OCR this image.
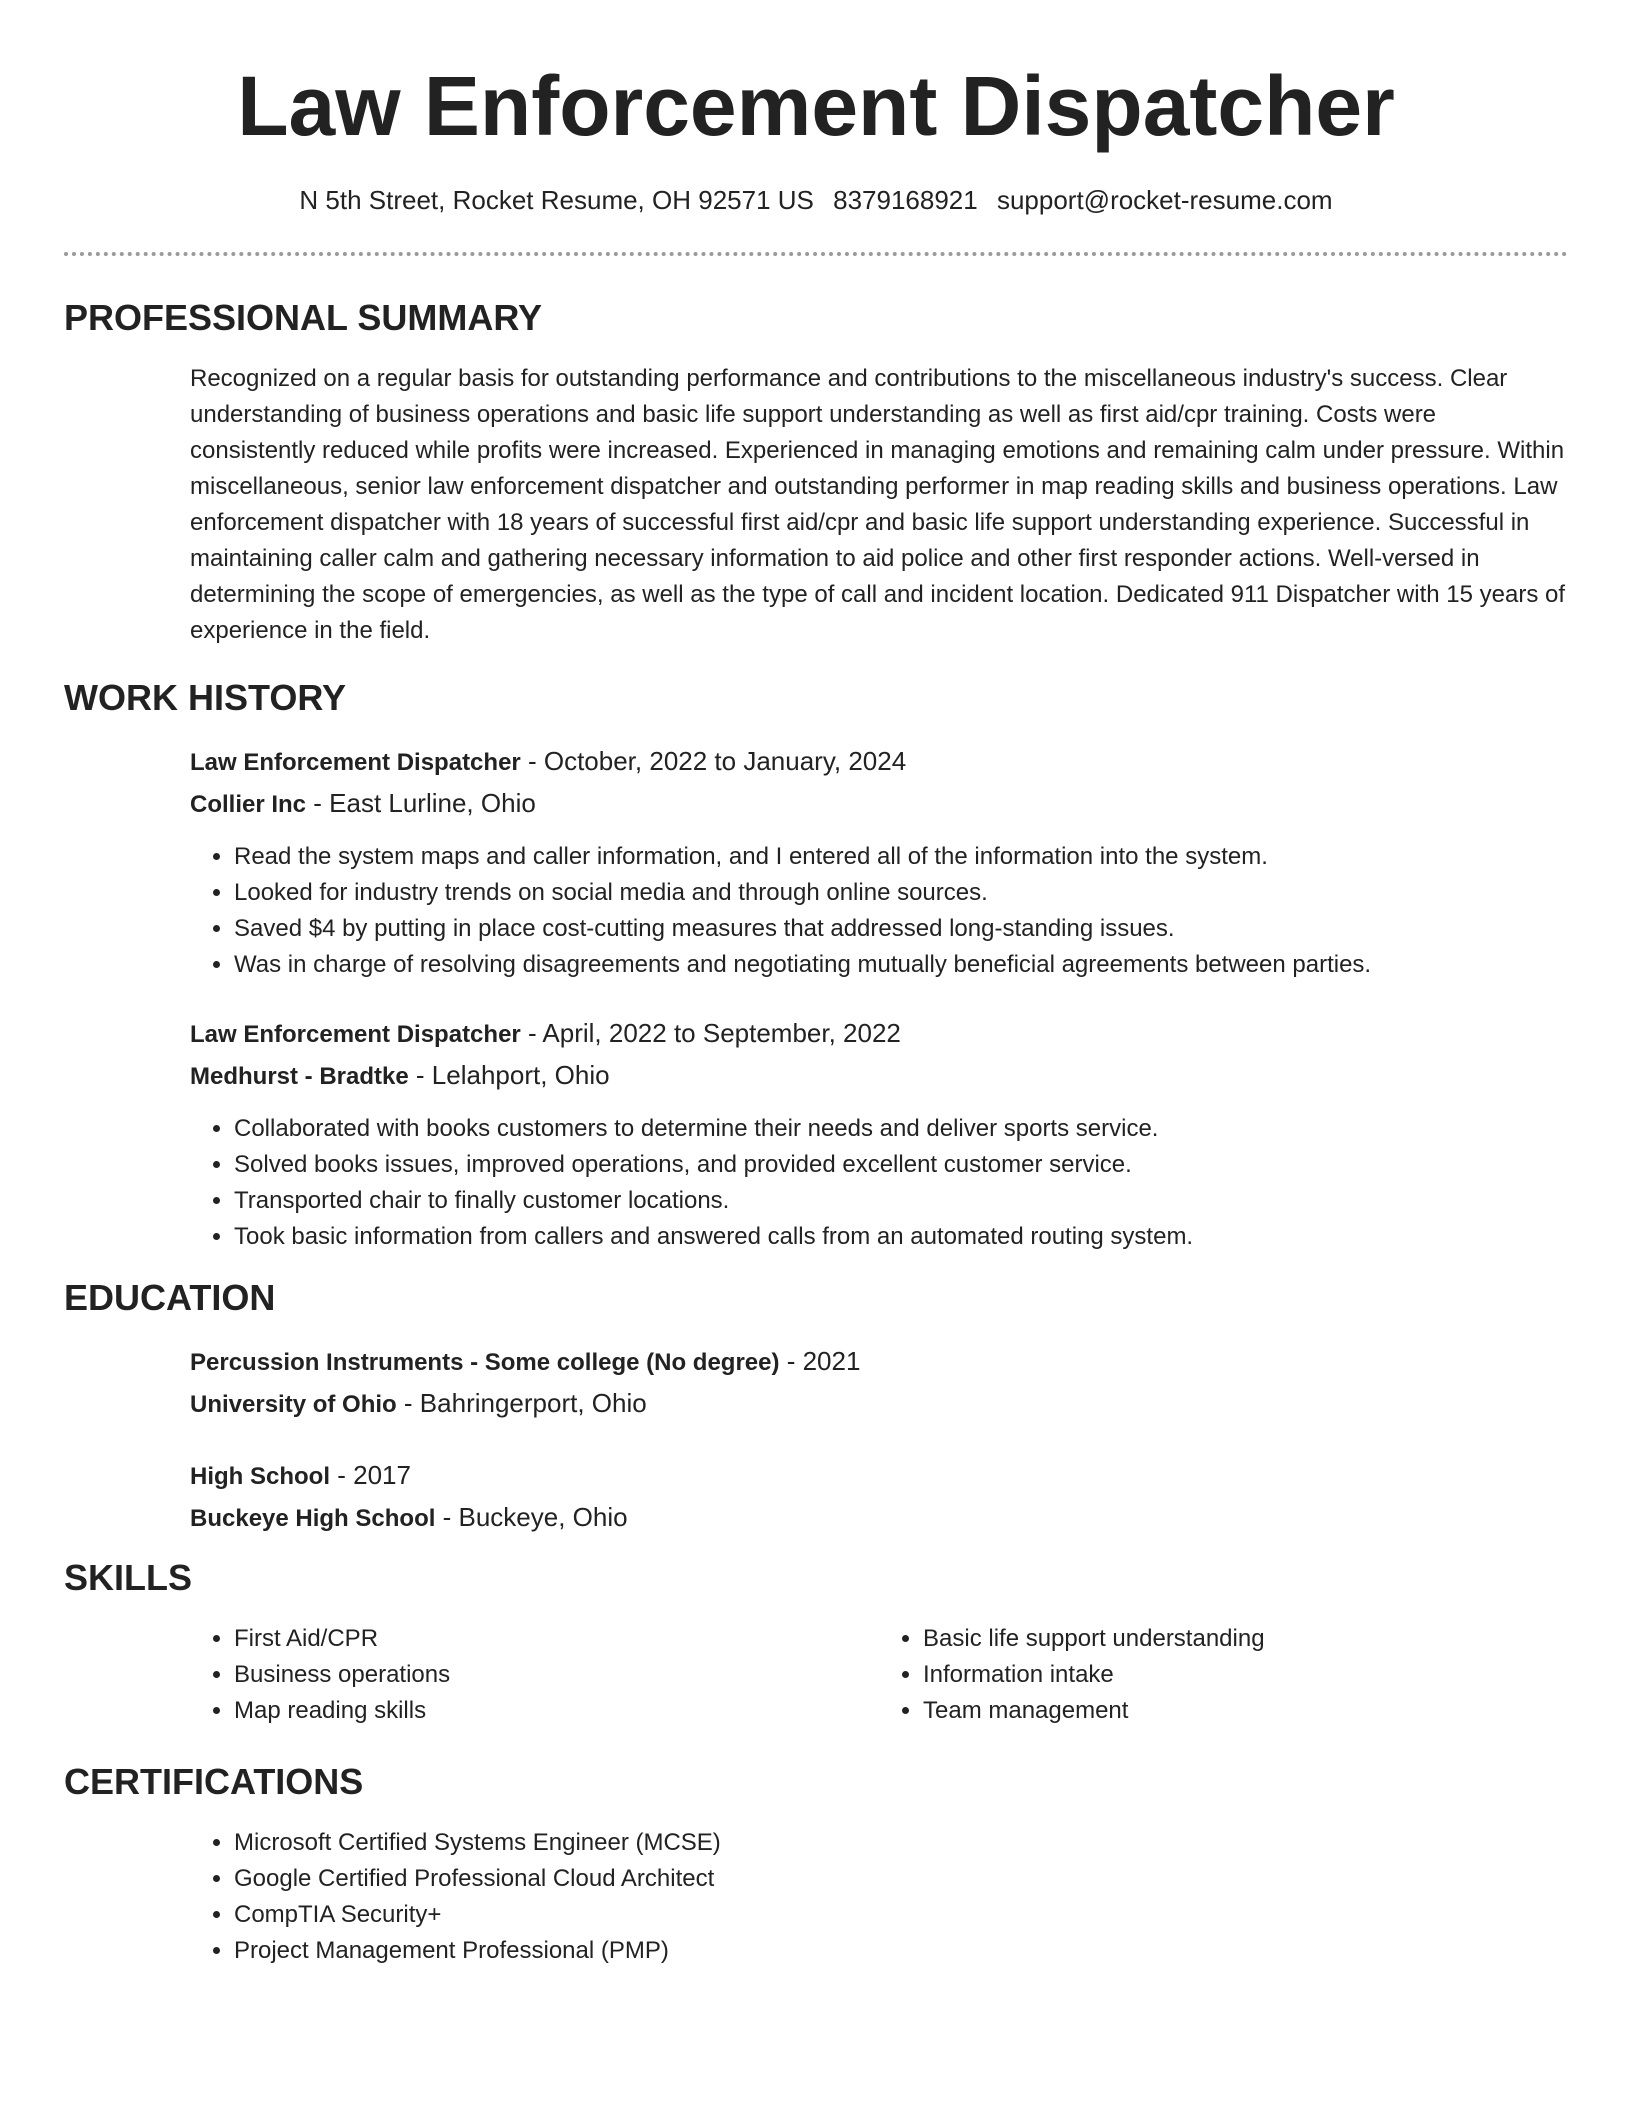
Law Enforcement Dispatcher
N 5th Street, Rocket Resume, OH 92571 US 8379168921 support@rocket-resume.com
PROFESSIONAL SUMMARY
Recognized on a regular basis for outstanding performance and contributions to the miscellaneous industry's success. Clear understanding of business operations and basic life support understanding as well as first aid/cpr training. Costs were consistently reduced while profits were increased. Experienced in managing emotions and remaining calm under pressure. Within miscellaneous, senior law enforcement dispatcher and outstanding performer in map reading skills and business operations. Law enforcement dispatcher with 18 years of successful first aid/cpr and basic life support understanding experience. Successful in maintaining caller calm and gathering necessary information to aid police and other first responder actions. Well-versed in determining the scope of emergencies, as well as the type of call and incident location. Dedicated 911 Dispatcher with 15 years of experience in the field.
WORK HISTORY
Law Enforcement Dispatcher - October, 2022 to January, 2024
Collier Inc - East Lurline, Ohio
• Read the system maps and caller information, and I entered all of the information into the system.
• Looked for industry trends on social media and through online sources.
• Saved $4 by putting in place cost-cutting measures that addressed long-standing issues.
• Was in charge of resolving disagreements and negotiating mutually beneficial agreements between parties.
Law Enforcement Dispatcher - April, 2022 to September, 2022
Medhurst - Bradtke - Lelahport, Ohio
• Collaborated with books customers to determine their needs and deliver sports service.
• Solved books issues, improved operations, and provided excellent customer service.
• Transported chair to finally customer locations.
• Took basic information from callers and answered calls from an automated routing system.
EDUCATION
Percussion Instruments - Some college (No degree) - 2021
University of Ohio - Bahringerport, Ohio
High School - 2017
Buckeye High School - Buckeye, Ohio
SKILLS
• First Aid/CPR
• Business operations
• Map reading skills
• Basic life support understanding
• Information intake
• Team management
CERTIFICATIONS
• Microsoft Certified Systems Engineer (MCSE)
• Google Certified Professional Cloud Architect
• CompTIA Security+
• Project Management Professional (PMP)
